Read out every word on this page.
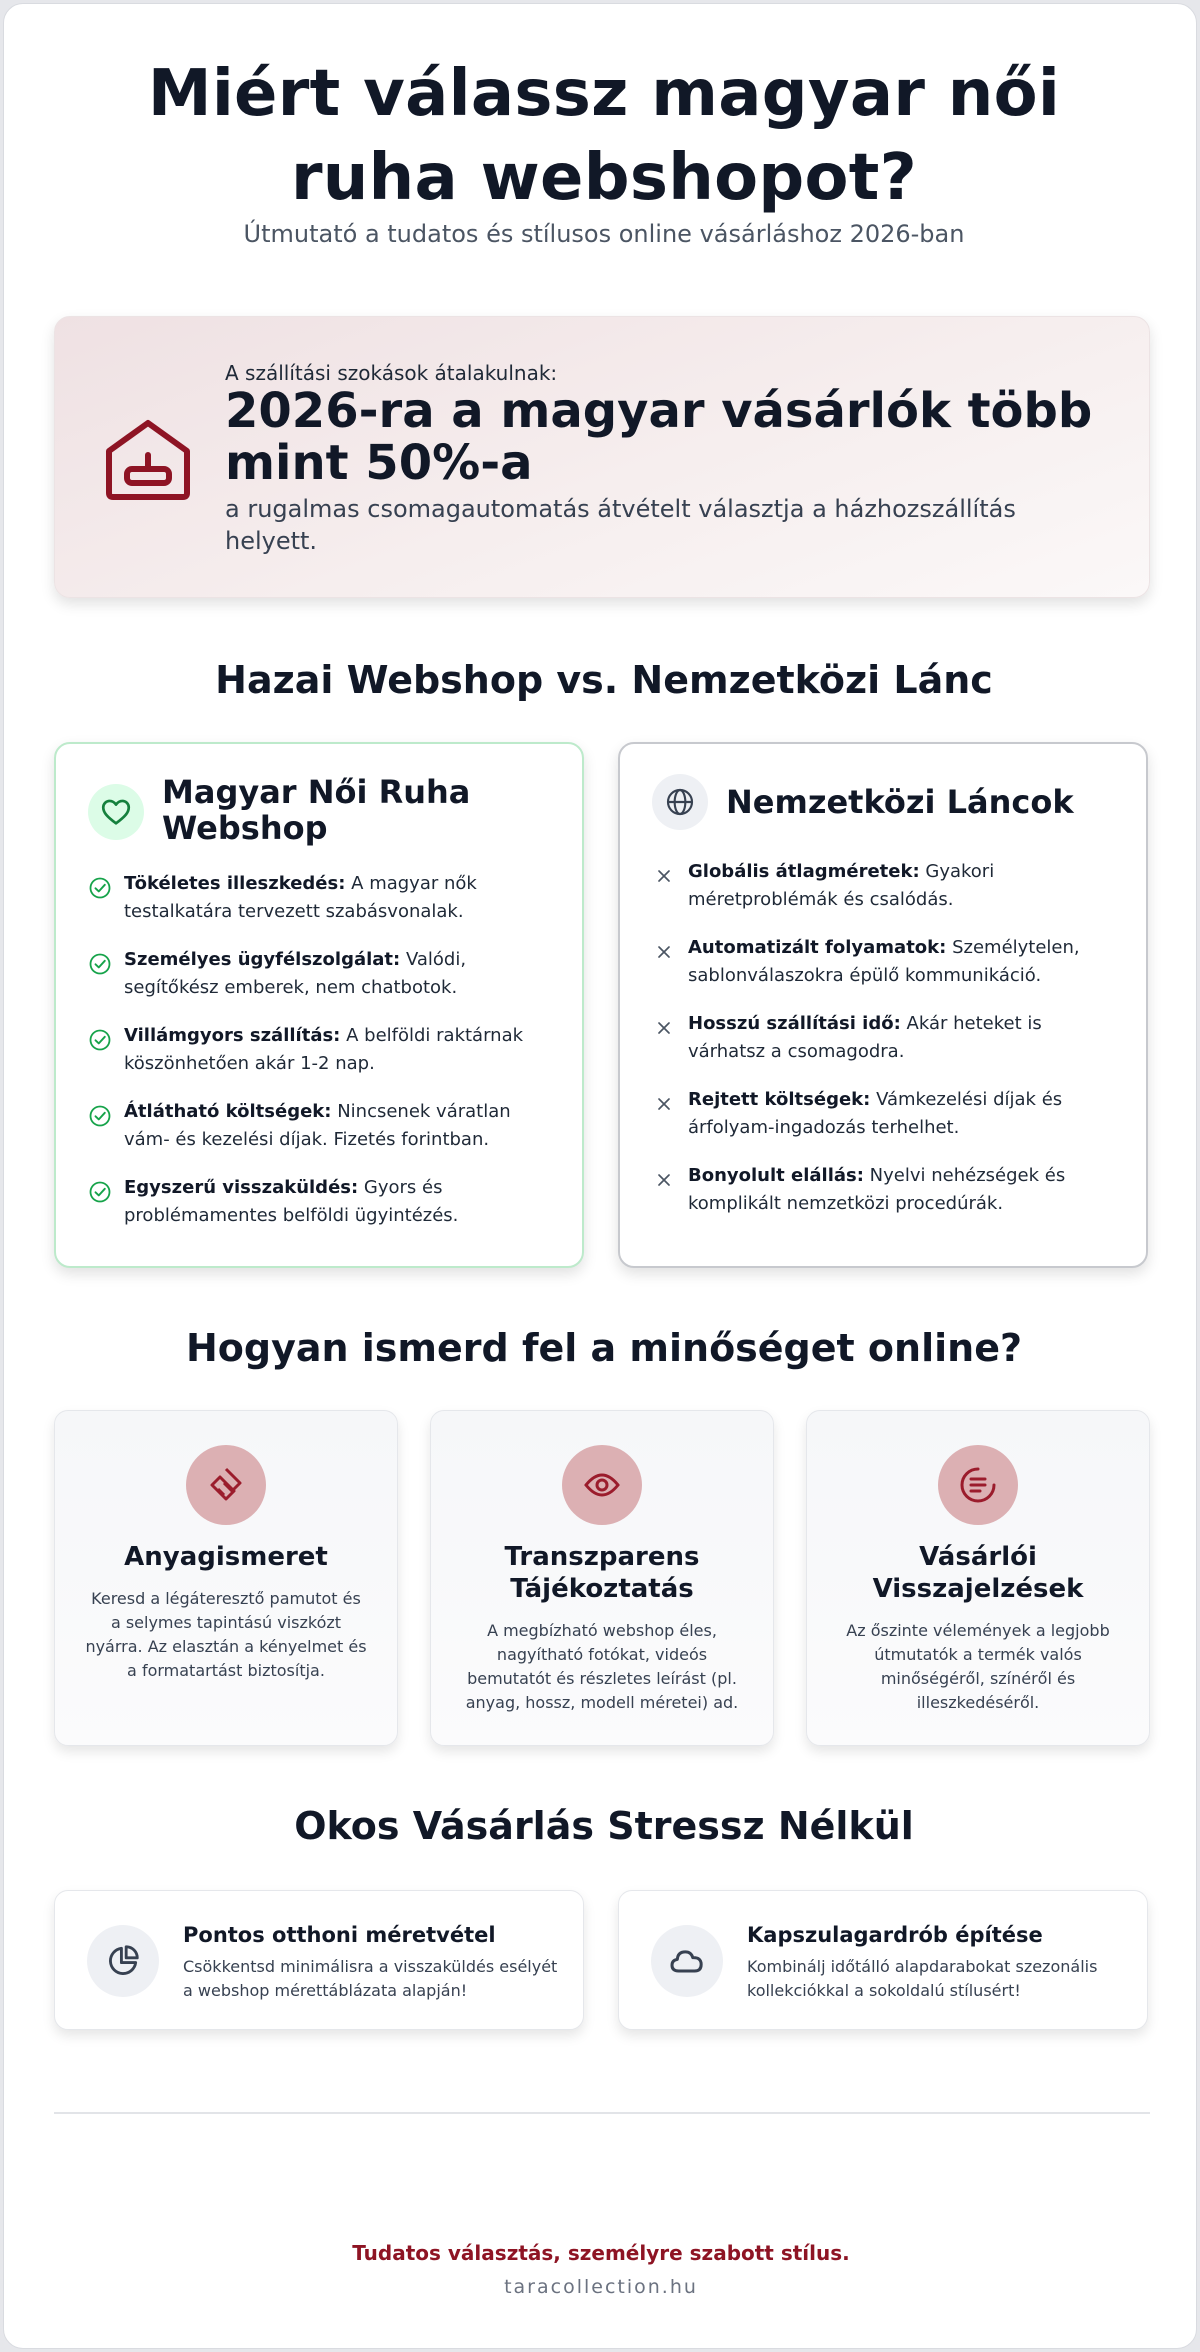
Miért válassz magyar női ruha webshopot?
Útmutató a tudatos és stílusos online vásárláshoz 2026-ban
A szállítási szokások átalakulnak:
2026-ra a magyar vásárlók több mint 50%-a
a rugalmas csomagautomatás átvételt választja a házhozszállítás helyett.
Hazai Webshop vs. Nemzetközi Lánc
Magyar Női Ruha Webshop
Tökéletes illeszkedés: A magyar nők testalkatára tervezett szabásvonalak.
Személyes ügyfélszolgálat: Valódi, segítőkész emberek, nem chatbotok.
Villámgyors szállítás: A belföldi raktárnak köszönhetően akár 1-2 nap.
Átlátható költségek: Nincsenek váratlan vám- és kezelési díjak. Fizetés forintban.
Egyszerű visszaküldés: Gyors és problémamentes belföldi ügyintézés.
Nemzetközi Láncok
Globális átlagméretek: Gyakori méretproblémák és csalódás.
Automatizált folyamatok: Személytelen, sablonválaszokra épülő kommunikáció.
Hosszú szállítási idő: Akár heteket is várhatsz a csomagodra.
Rejtett költségek: Vámkezelési díjak és árfolyam-ingadozás terhelhet.
Bonyolult elállás: Nyelvi nehézségek és komplikált nemzetközi procedúrák.
Hogyan ismerd fel a minőséget online?
Anyagismeret
Keresd a légáteresztő pamutot és a selymes tapintású viszkózt nyárra. Az elasztán a kényelmet és a formatartást biztosítja.
Transzparens Tájékoztatás
A megbízható webshop éles, nagyítható fotókat, videós bemutatót és részletes leírást (pl. anyag, hossz, modell méretei) ad.
Vásárlói Visszajelzések
Az őszinte vélemények a legjobb útmutatók a termék valós minőségéről, színéről és illeszkedéséről.
Okos Vásárlás Stressz Nélkül
Pontos otthoni méretvétel
Csökkentsd minimálisra a visszaküldés esélyét a webshop mérettáblázata alapján!
Kapszulagardrób építése
Kombinálj időtálló alapdarabokat szezonális kollekciókkal a sokoldalú stílusért!
Tudatos választás, személyre szabott stílus.
taracollection.hu
